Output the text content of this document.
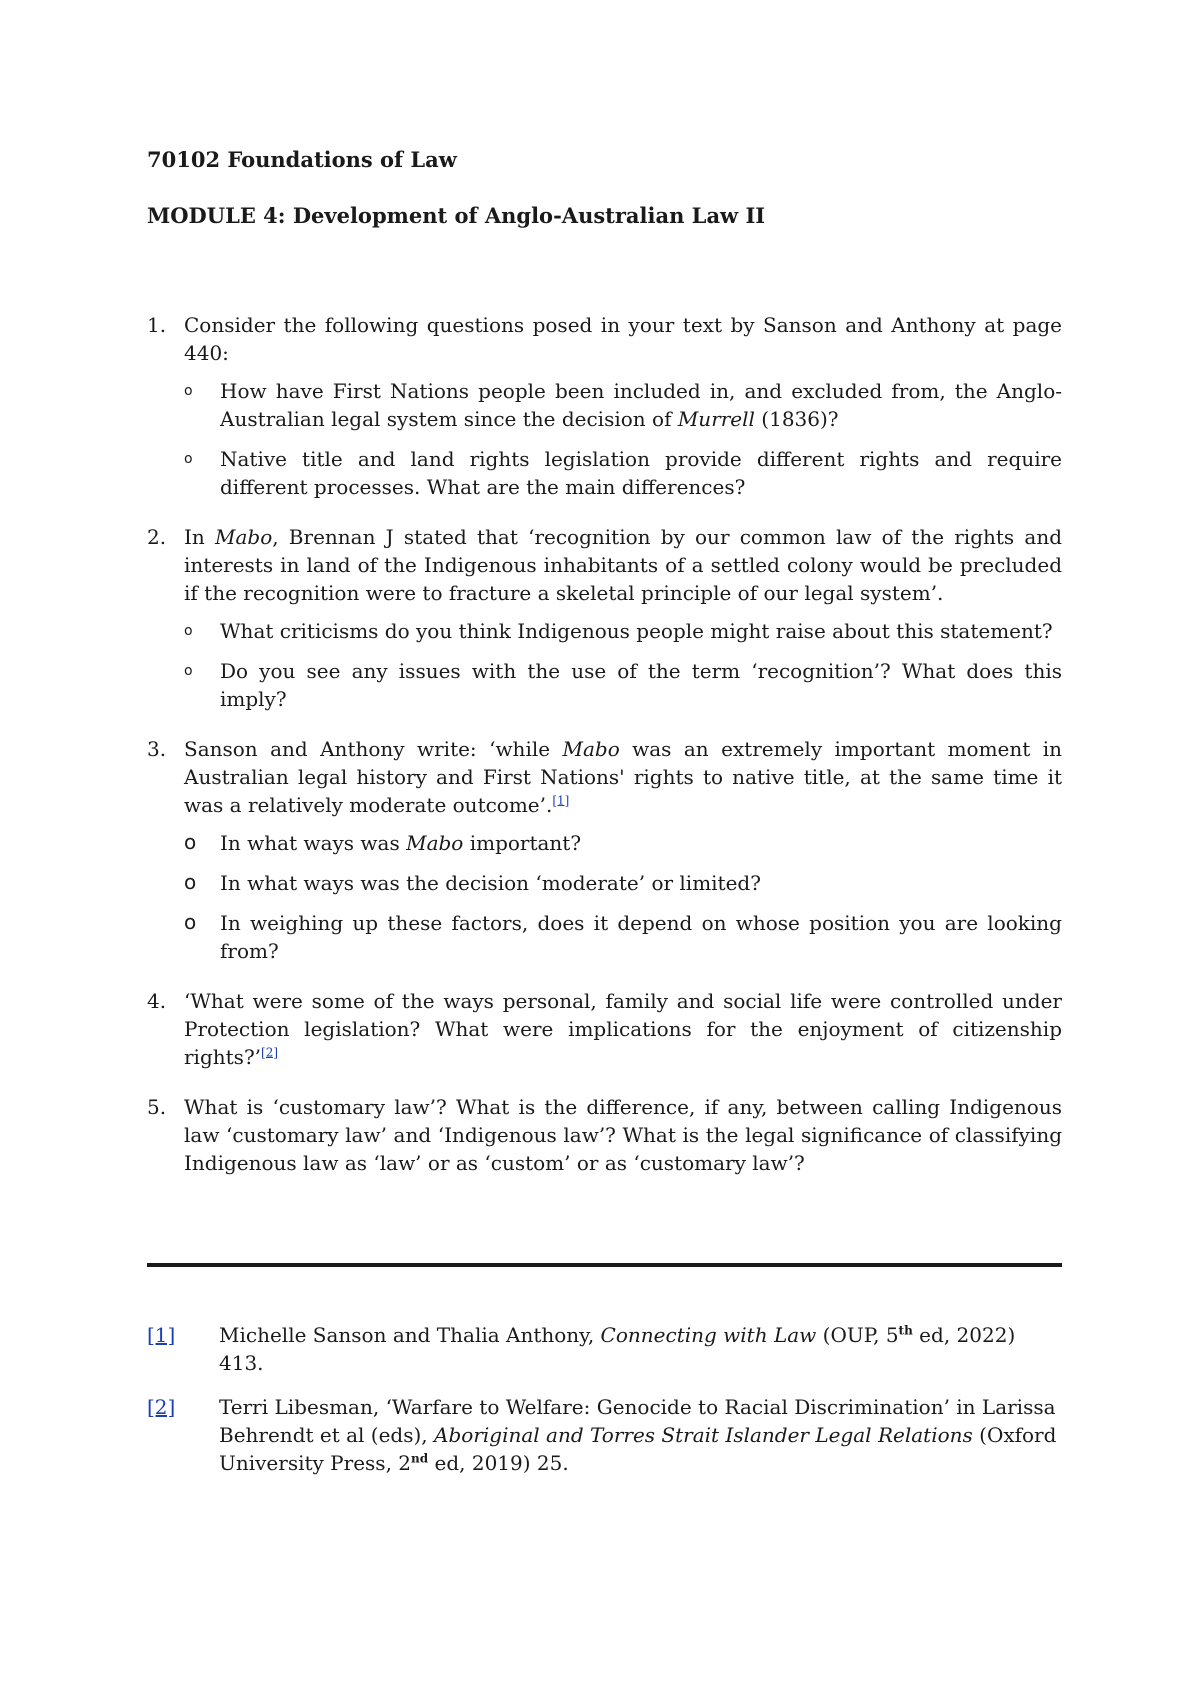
70102 Foundations of Law

MODULE 4: Development of Anglo-Australian Law II

1. Consider the following questions posed in your text by Sanson and Anthony at page 440:
o How have First Nations people been included in, and excluded from, the Anglo-Australian legal system since the decision of Murrell (1836)?
o Native title and land rights legislation provide different rights and require different processes. What are the main differences?
2. In Mabo, Brennan J stated that ‘recognition by our common law of the rights and interests in land of the Indigenous inhabitants of a settled colony would be precluded if the recognition were to fracture a skeletal principle of our legal system’.
o What criticisms do you think Indigenous people might raise about this statement?
o Do you see any issues with the use of the term ‘recognition’? What does this imply?
3. Sanson and Anthony write: ‘while Mabo was an extremely important moment in Australian legal history and First Nations' rights to native title, at the same time it was a relatively moderate outcome’.[1]
o In what ways was Mabo important?
o In what ways was the decision ‘moderate’ or limited?
o In weighing up these factors, does it depend on whose position you are looking from?
4. ‘What were some of the ways personal, family and social life were controlled under Protection legislation? What were implications for the enjoyment of citizenship rights?’[2]
5. What is ‘customary law’? What is the difference, if any, between calling Indigenous law ‘customary law’ and ‘Indigenous law’? What is the legal significance of classifying Indigenous law as ‘law’ or as ‘custom’ or as ‘customary law’?
[1] Michelle Sanson and Thalia Anthony, Connecting with Law (OUP, 5th ed, 2022) 413.
[2] Terri Libesman, ‘Warfare to Welfare: Genocide to Racial Discrimination’ in Larissa Behrendt et al (eds), Aboriginal and Torres Strait Islander Legal Relations (Oxford University Press, 2nd ed, 2019) 25.
